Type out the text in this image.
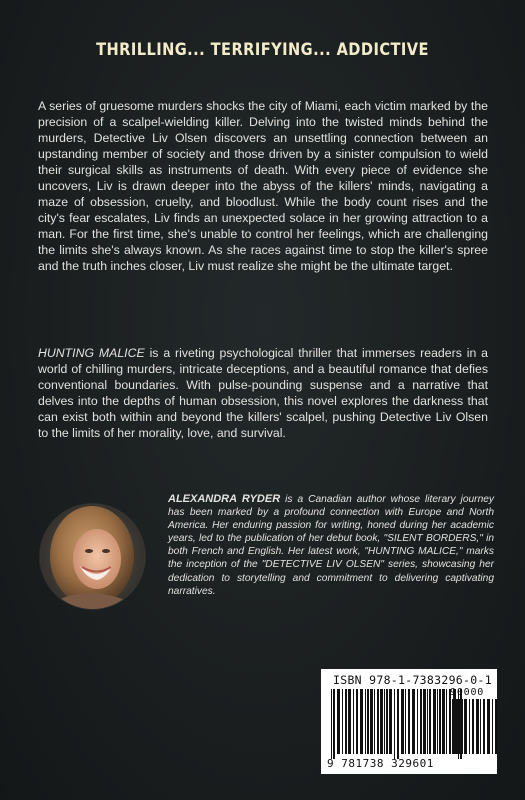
THRILLING... TERRIFYING... ADDICTIVE

A series of gruesome murders shocks the city of Miami, each victim marked by the precision of a scalpel-wielding killer. Delving into the twisted minds behind the murders, Detective Liv Olsen discovers an unsettling connection between an upstanding member of society and those driven by a sinister compulsion to wield their surgical skills as instruments of death. With every piece of evidence she uncovers, Liv is drawn deeper into the abyss of the killers' minds, navigating a maze of obsession, cruelty, and bloodlust. While the body count rises and the city's fear escalates, Liv finds an unexpected solace in her growing attraction to a man. For the first time, she's unable to control her feelings, which are challenging the limits she's always known. As she races against time to stop the killer's spree and the truth inches closer, Liv must realize she might be the ultimate target.

HUNTING MALICE is a riveting psychological thriller that immerses readers in a world of chilling murders, intricate deceptions, and a beautiful romance that defies conventional boundaries. With pulse-pounding suspense and a narrative that delves into the depths of human obsession, this novel explores the darkness that can exist both within and beyond the killers' scalpel, pushing Detective Liv Olsen to the limits of her morality, love, and survival.

ALEXANDRA RYDER is a Canadian author whose literary journey has been marked by a profound connection with Europe and North America. Her enduring passion for writing, honed during her academic years, led to the publication of her debut book, "SILENT BORDERS," in both French and English. Her latest work, "HUNTING MALICE," marks the inception of the "DETECTIVE LIV OLSEN" series, showcasing her dedication to storytelling and commitment to delivering captivating narratives.

ISBN 978-1-7383296-0-1
90000
9 781738 329601
